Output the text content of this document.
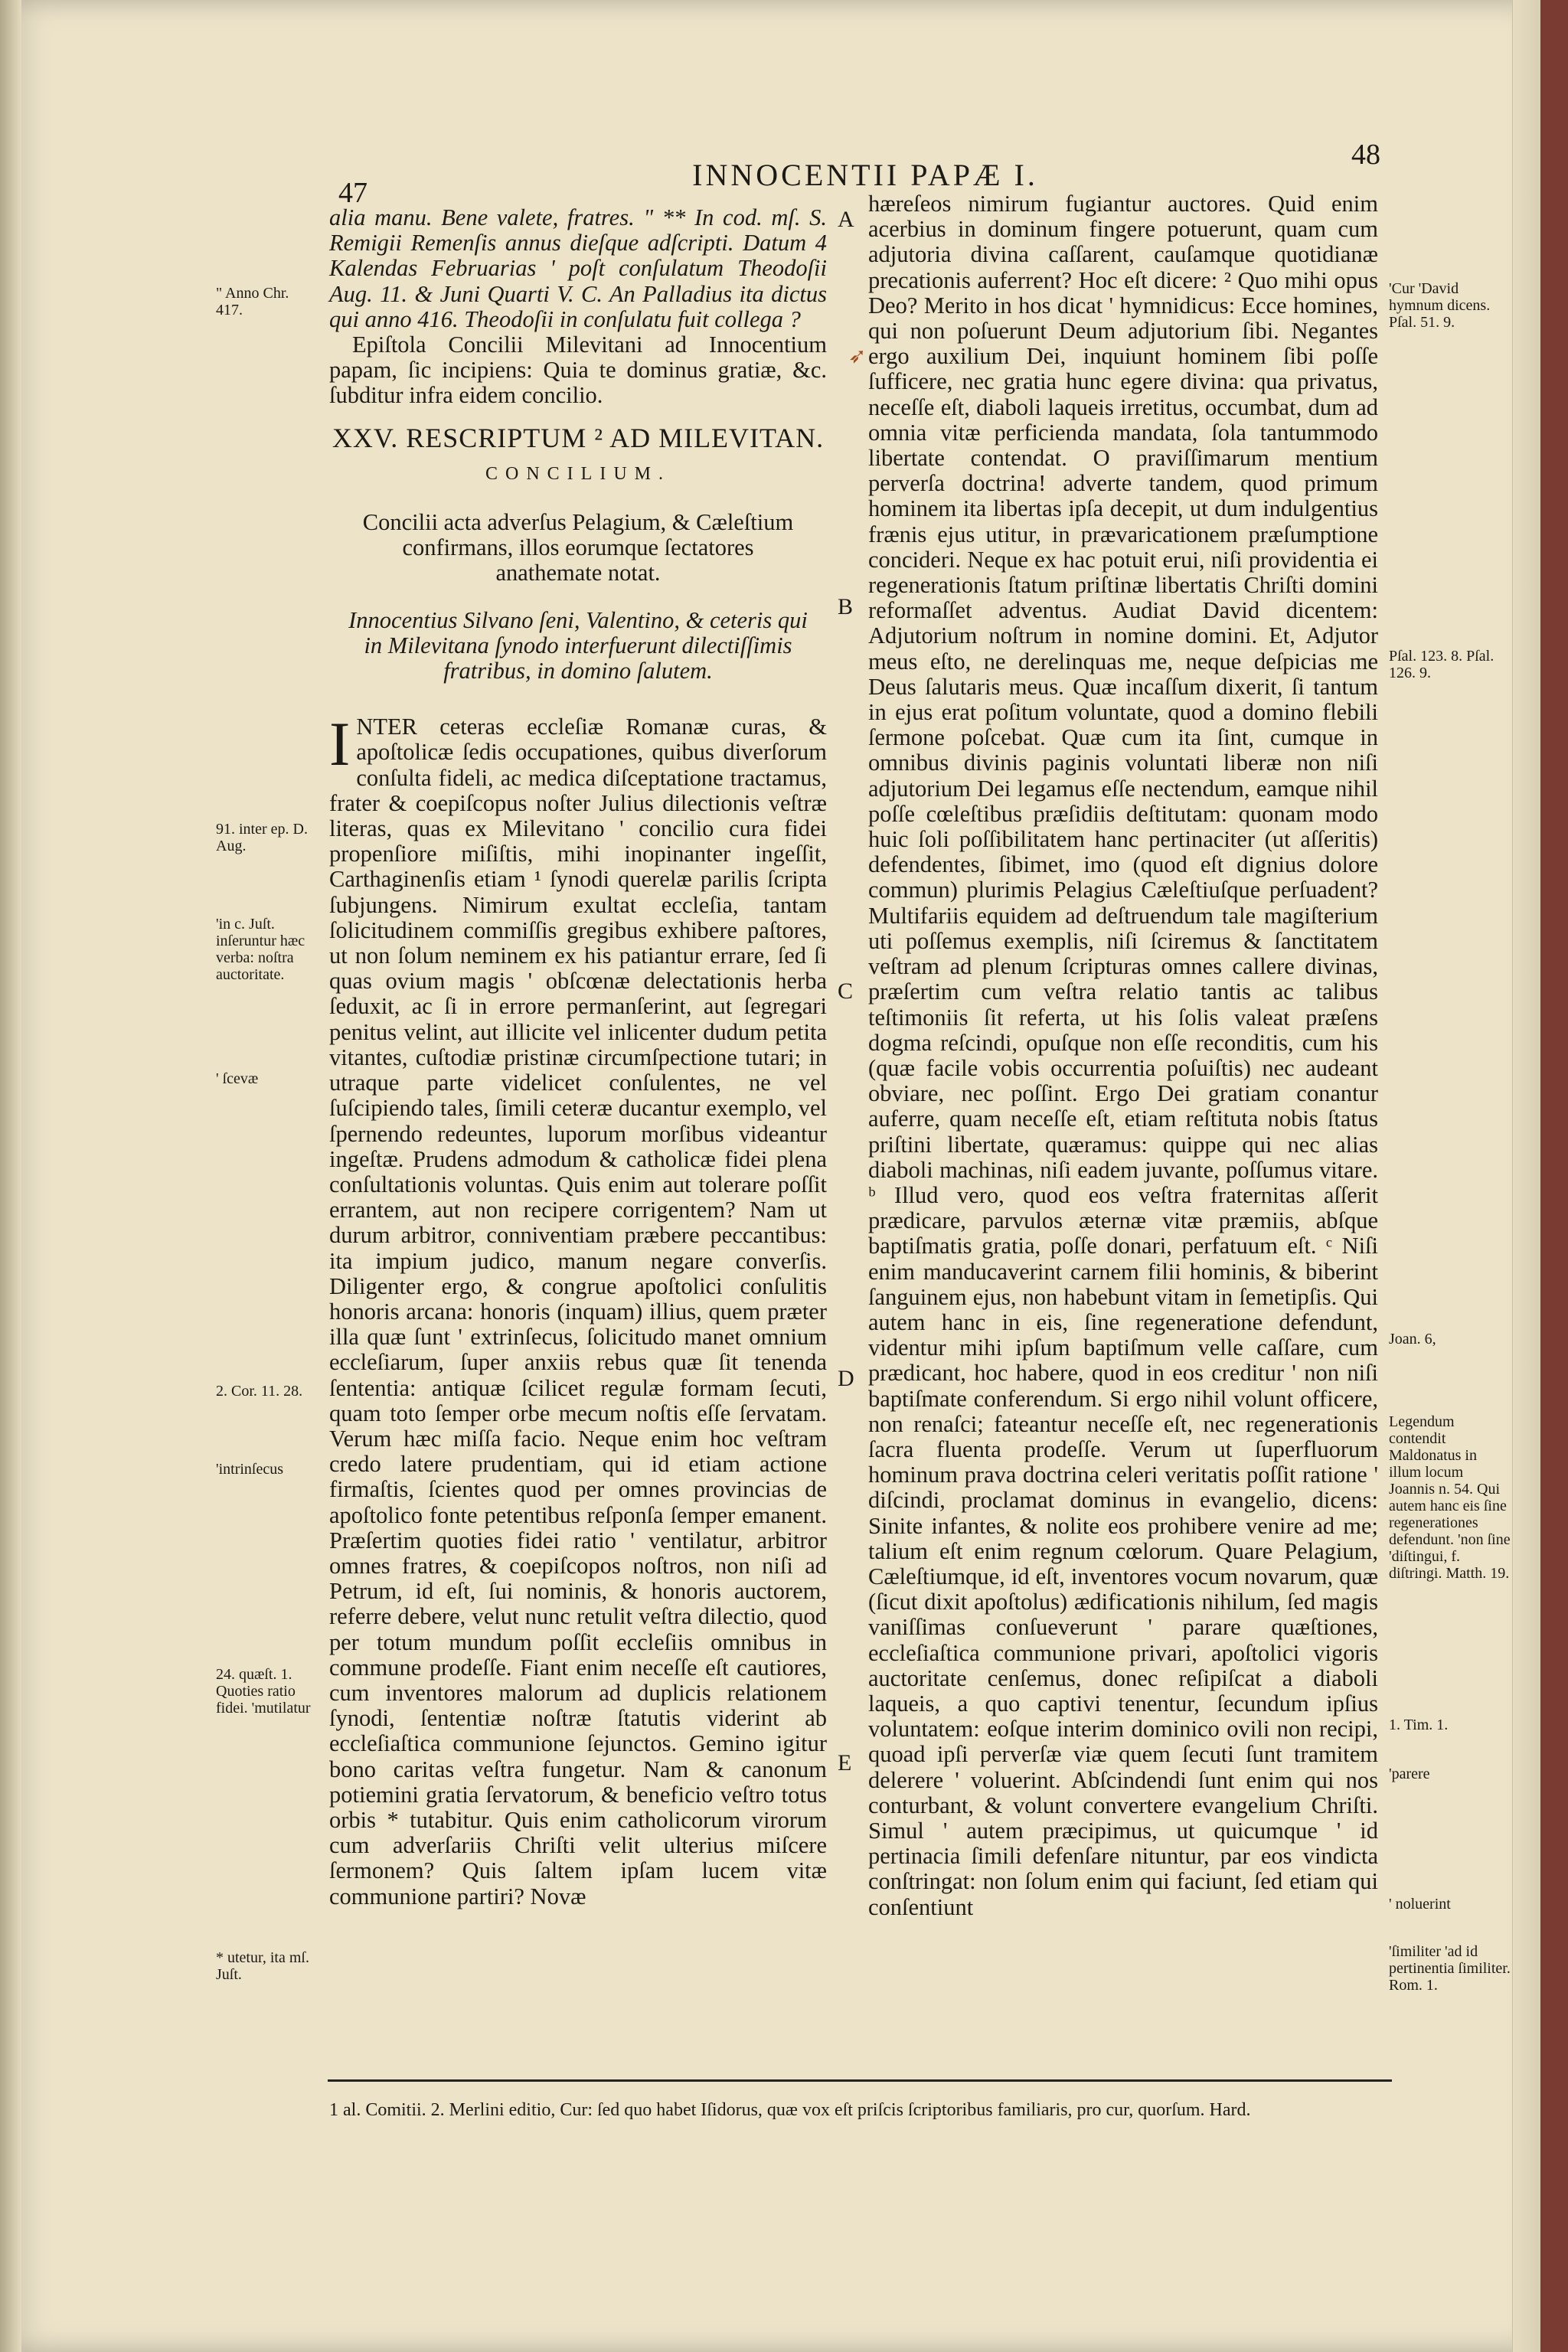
INNOCENTII PAPÆ I.
47
48
" Anno Chr. 417.
91. inter ep. D. Aug.
'in c. Juſt. inſeruntur hæc verba: noſtra auctoritate.
' ſcevæ
2. Cor. 11. 28.
'intrinſecus
24. quæſt. 1. Quoties ratio fidei. 'mutilatur
* utetur, ita mſ. Juſt.

alia manu. Bene valete, fratres. " ** In cod. mſ. S. Remigii Remenſis annus dieſque adſcripti. Datum 4 Kalendas Februarias ' poſt conſulatum Theodoſii Aug. 11. & Juni Quarti V. C. An Palladius ita dictus qui anno 416. Theodoſii in conſulatu fuit collega ?

Epiſtola Concilii Milevitani ad Innocentium papam, ſic incipiens: Quia te dominus gratiæ, &c. ſubditur infra eidem concilio.

XXV. RESCRIPTUM ² AD MILEVITAN.
CONCILIUM.
Concilii acta adverſus Pelagium, & Cæleſtium confirmans, illos eorumque ſectatores anathemate notat.
Innocentius Silvano ſeni, Valentino, & ceteris qui in Milevitana ſynodo interfuerunt dilectiſſimis fratribus, in domino ſalutem.

INTER ceteras eccleſiæ Romanæ curas, & apoſtolicæ ſedis occupationes, quibus diverſorum conſulta fideli, ac medica diſceptatione tractamus, frater & coepiſcopus noſter Julius dilectionis veſtræ literas, quas ex Milevitano ' concilio cura fidei propenſiore miſiſtis, mihi inopinanter ingeſſit, Carthaginenſis etiam ¹ ſynodi querelæ parilis ſcripta ſubjungens. Nimirum exultat eccleſia, tantam ſolicitudinem commiſſis gregibus exhibere paſtores, ut non ſolum neminem ex his patiantur errare, ſed ſi quas ovium magis ' obſcœnæ delectationis herba ſeduxit, ac ſi in errore permanſerint, aut ſegregari penitus velint, aut illicite vel inlicenter dudum petita vitantes, cuſtodiæ pristinæ circumſpectione tutari; in utraque parte videlicet conſulentes, ne vel ſuſcipiendo tales, ſimili ceteræ ducantur exemplo, vel ſpernendo redeuntes, luporum morſibus videantur ingeſtæ. Prudens admodum & catholicæ fidei plena conſultationis voluntas. Quis enim aut tolerare poſſit errantem, aut non recipere corrigentem? Nam ut durum arbitror, conniventiam præbere peccantibus: ita impium judico, manum negare converſis. Diligenter ergo, & congrue apoſtolici conſulitis honoris arcana: honoris (inquam) illius, quem præter illa quæ ſunt ' extrinſecus, ſolicitudo manet omnium eccleſiarum, ſuper anxiis rebus quæ ſit tenenda ſententia: antiquæ ſcilicet regulæ formam ſecuti, quam toto ſemper orbe mecum noſtis eſſe ſervatam. Verum hæc miſſa facio. Neque enim hoc veſtram credo latere prudentiam, qui id etiam actione firmaſtis, ſcientes quod per omnes provincias de apoſtolico fonte petentibus reſponſa ſemper emanent. Præſertim quoties fidei ratio ' ventilatur, arbitror omnes fratres, & coepiſcopos noſtros, non niſi ad Petrum, id eſt, ſui nominis, & honoris auctorem, referre debere, velut nunc retulit veſtra dilectio, quod per totum mundum poſſit eccleſiis omnibus in commune prodeſſe. Fiant enim neceſſe eſt cautiores, cum inventores malorum ad duplicis relationem ſynodi, ſententiæ noſtræ ſtatutis viderint ab eccleſiaſtica communione ſejunctos. Gemino igitur bono caritas veſtra fungetur. Nam & canonum potiemini gratia ſervatorum, & beneficio veſtro totus orbis * tutabitur. Quis enim catholicorum virorum cum adverſariis Chriſti velit ulterius miſcere ſermonem? Quis ſaltem ipſam lucem vitæ communione partiri? Novæ

A
B
C
D
E
➶

hæreſeos nimirum fugiantur auctores. Quid enim acerbius in dominum fingere potuerunt, quam cum adjutoria divina caſſarent, cauſamque quotidianæ precationis auferrent? Hoc eſt dicere: ² Quo mihi opus Deo? Merito in hos dicat ' hymnidicus: Ecce homines, qui non poſuerunt Deum adjutorium ſibi. Negantes ergo auxilium Dei, inquiunt hominem ſibi poſſe ſufficere, nec gratia hunc egere divina: qua privatus, neceſſe eſt, diaboli laqueis irretitus, occumbat, dum ad omnia vitæ perficienda mandata, ſola tantummodo libertate contendat. O praviſſimarum mentium perverſa doctrina! adverte tandem, quod primum hominem ita libertas ipſa decepit, ut dum indulgentius frænis ejus utitur, in prævaricationem præſumptione concideri. Neque ex hac potuit erui, niſi providentia ei regenerationis ſtatum priſtinæ libertatis Chriſti domini reformaſſet adventus. Audiat David dicentem: Adjutorium noſtrum in nomine domini. Et, Adjutor meus eſto, ne derelinquas me, neque deſpicias me Deus ſalutaris meus. Quæ incaſſum dixerit, ſi tantum in ejus erat poſitum voluntate, quod a domino flebili ſermone poſcebat. Quæ cum ita ſint, cumque in omnibus divinis paginis voluntati liberæ non niſi adjutorium Dei legamus eſſe nectendum, eamque nihil poſſe cœleſtibus præſidiis deſtitutam: quonam modo huic ſoli poſſibilitatem hanc pertinaciter (ut aſſeritis) defendentes, ſibimet, imo (quod eſt dignius dolore commun) plurimis Pelagius Cæleſtiuſque perſuadent? Multifariis equidem ad deſtruendum tale magiſterium uti poſſemus exemplis, niſi ſciremus & ſanctitatem veſtram ad plenum ſcripturas omnes callere divinas, præſertim cum veſtra relatio tantis ac talibus teſtimoniis ſit referta, ut his ſolis valeat præſens dogma reſcindi, opuſque non eſſe reconditis, cum his (quæ facile vobis occurrentia poſuiſtis) nec audeant obviare, nec poſſint. Ergo Dei gratiam conantur auferre, quam neceſſe eſt, etiam reſtituta nobis ſtatus priſtini libertate, quæramus: quippe qui nec alias diaboli machinas, niſi eadem juvante, poſſumus vitare. ᵇ Illud vero, quod eos veſtra fraternitas aſſerit prædicare, parvulos æternæ vitæ præmiis, abſque baptiſmatis gratia, poſſe donari, perfatuum eſt. ᶜ Niſi enim manducaverint carnem filii hominis, & biberint ſanguinem ejus, non habebunt vitam in ſemetipſis. Qui autem hanc in eis, ſine regeneratione defendunt, videntur mihi ipſum baptiſmum velle caſſare, cum prædicant, hoc habere, quod in eos creditur ' non niſi baptiſmate conferendum. Si ergo nihil volunt officere, non renaſci; fateantur neceſſe eſt, nec regenerationis ſacra fluenta prodeſſe. Verum ut ſuperfluorum hominum prava doctrina celeri veritatis poſſit ratione ' diſcindi, proclamat dominus in evangelio, dicens: Sinite infantes, & nolite eos prohibere venire ad me; talium eſt enim regnum cœlorum. Quare Pelagium, Cæleſtiumque, id eſt, inventores vocum novarum, quæ (ſicut dixit apoſtolus) ædificationis nihilum, ſed magis vaniſſimas conſueverunt ' parare quæſtiones, eccleſiaſtica communione privari, apoſtolici vigoris auctoritate cenſemus, donec reſipiſcat a diaboli laqueis, a quo captivi tenentur, ſecundum ipſius voluntatem: eoſque interim dominico ovili non recipi, quoad ipſi perverſæ viæ quem ſecuti ſunt tramitem delerere ' voluerint. Abſcindendi ſunt enim qui nos conturbant, & volunt convertere evangelium Chriſti. Simul ' autem præcipimus, ut quicumque ' id pertinacia ſimili defenſare nituntur, par eos vindicta conſtringat: non ſolum enim qui faciunt, ſed etiam qui conſentiunt

'Cur 'David hymnum dicens. Pſal. 51. 9.
Pſal. 123. 8. Pſal. 126. 9.
Joan. 6,
Legendum contendit Maldonatus in illum locum Joannis n. 54. Qui autem hanc eis ſine regenerationes defendunt. 'non ſine 'diſtingui, f. diſtringi. Matth. 19.
1. Tim. 1.
'parere
' noluerint
'ſimiliter 'ad id pertinentia ſimiliter. Rom. 1.
1 al. Comitii. 2. Merlini editio, Cur: ſed quo habet Iſidorus, quæ vox eſt priſcis ſcriptoribus familiaris, pro cur, quorſum. Hard.
